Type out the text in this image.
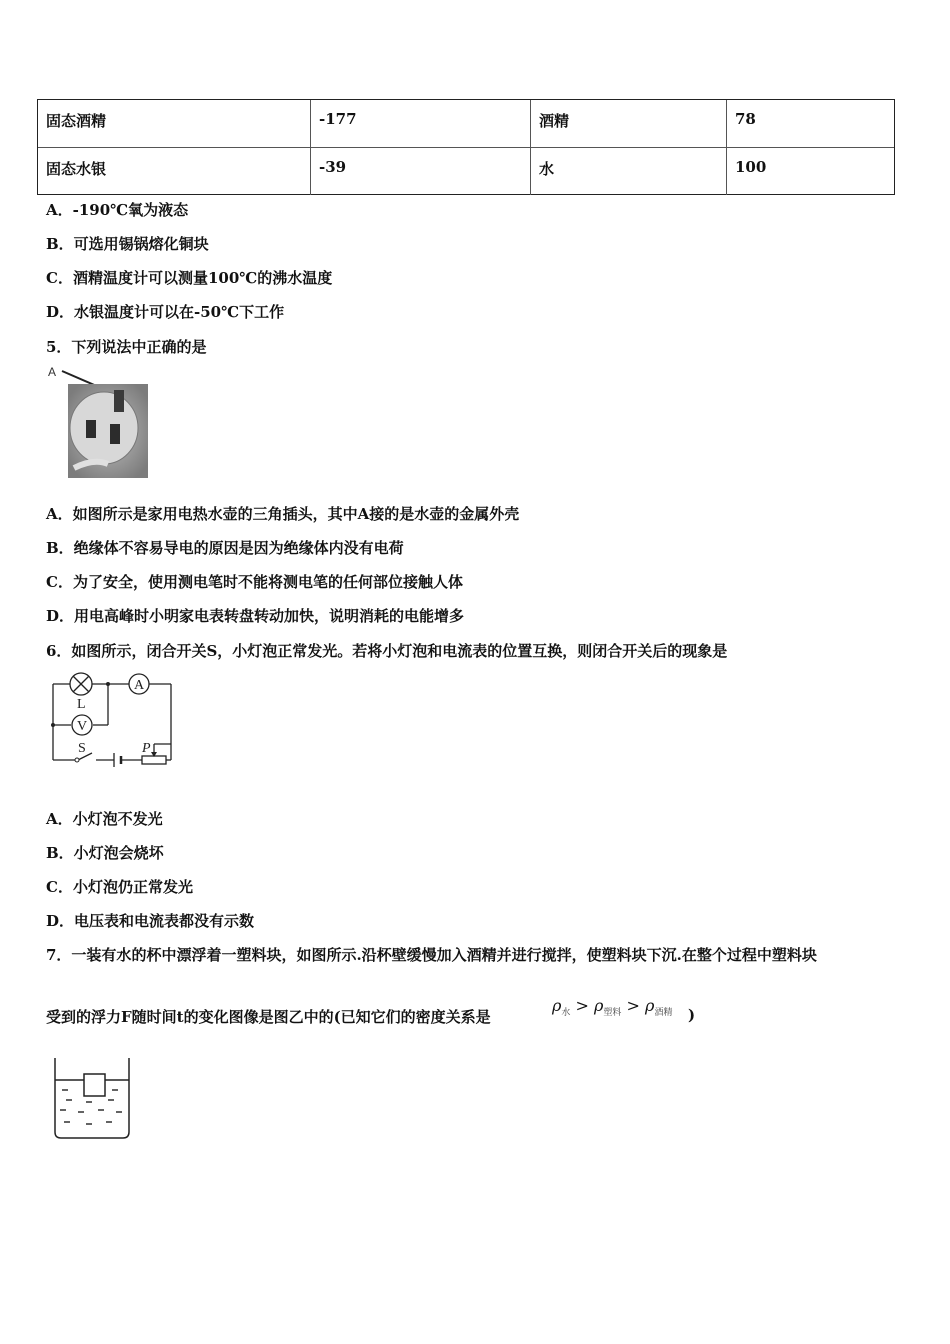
固态酒精	-177	酒精	78
固态水银	-39	水	100
A．-190℃氧为液态
B．可选用锡锅熔化铜块
C．酒精温度计可以测量100℃的沸水温度
D．水银温度计可以在-50℃下工作
5．下列说法中正确的是
A
A．如图所示是家用电热水壶的三角插头，其中A接的是水壶的金属外壳
B．绝缘体不容易导电的原因是因为绝缘体内没有电荷
C．为了安全，使用测电笔时不能将测电笔的任何部位接触人体
D．用电高峰时小明家电表转盘转动加快，说明消耗的电能增多
6．如图所示，闭合开关S，小灯泡正常发光。若将小灯泡和电流表的位置互换，则闭合开关后的现象是
A
V
L
S	P
A．小灯泡不发光
B．小灯泡会烧坏
C．小灯泡仍正常发光
D．电压表和电流表都没有示数
7．一装有水的杯中漂浮着一塑料块，如图所示.沿杯壁缓慢加入酒精并进行搅拌，使塑料块下沉.在整个过程中塑料块
受到的浮力F随时间t的变化图像是图乙中的(已知它们的密度关系是
$\rho_水 > \rho_{塑料} > \rho_{酒精}$ )
